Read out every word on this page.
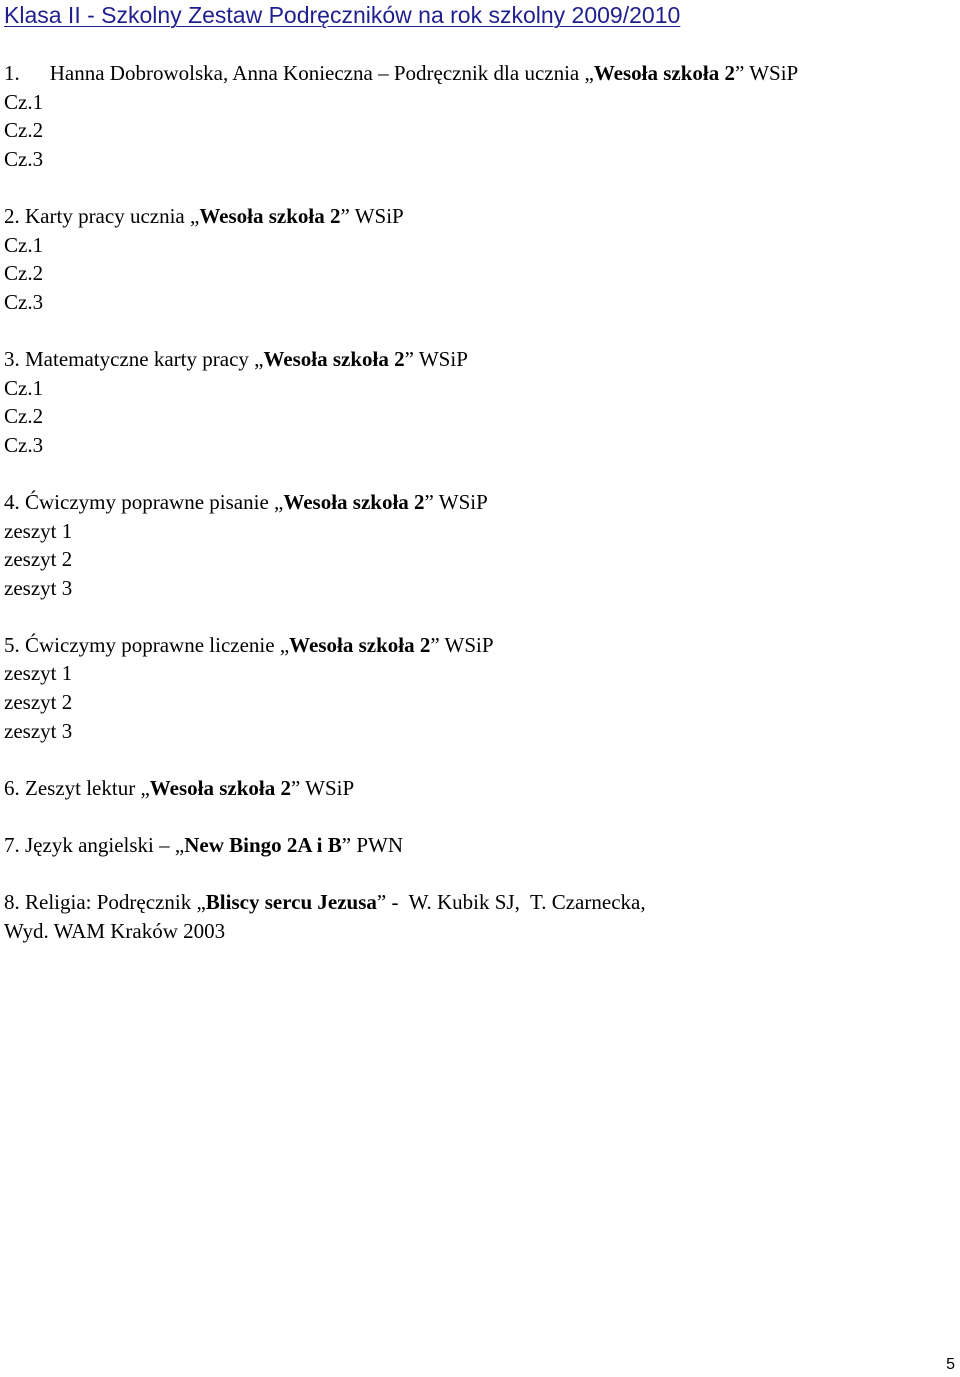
Klasa II - Szkolny Zestaw Podręczników na rok szkolny 2009/2010
1. Hanna Dobrowolska, Anna Konieczna – Podręcznik dla ucznia „Wesoła szkoła 2” WSiP
Cz.1
Cz.2
Cz.3
2. Karty pracy ucznia „Wesoła szkoła 2” WSiP
Cz.1
Cz.2
Cz.3
3. Matematyczne karty pracy „Wesoła szkoła 2” WSiP
Cz.1
Cz.2
Cz.3
4. Ćwiczymy poprawne pisanie „Wesoła szkoła 2” WSiP
zeszyt 1
zeszyt 2
zeszyt 3
5. Ćwiczymy poprawne liczenie „Wesoła szkoła 2” WSiP
zeszyt 1
zeszyt 2
zeszyt 3
6. Zeszyt lektur „Wesoła szkoła 2” WSiP
7. Język angielski – „New Bingo 2A i B” PWN
8. Religia: Podręcznik „Bliscy sercu Jezusa” -  W. Kubik SJ,  T. Czarnecka,
Wyd. WAM Kraków 2003
5
